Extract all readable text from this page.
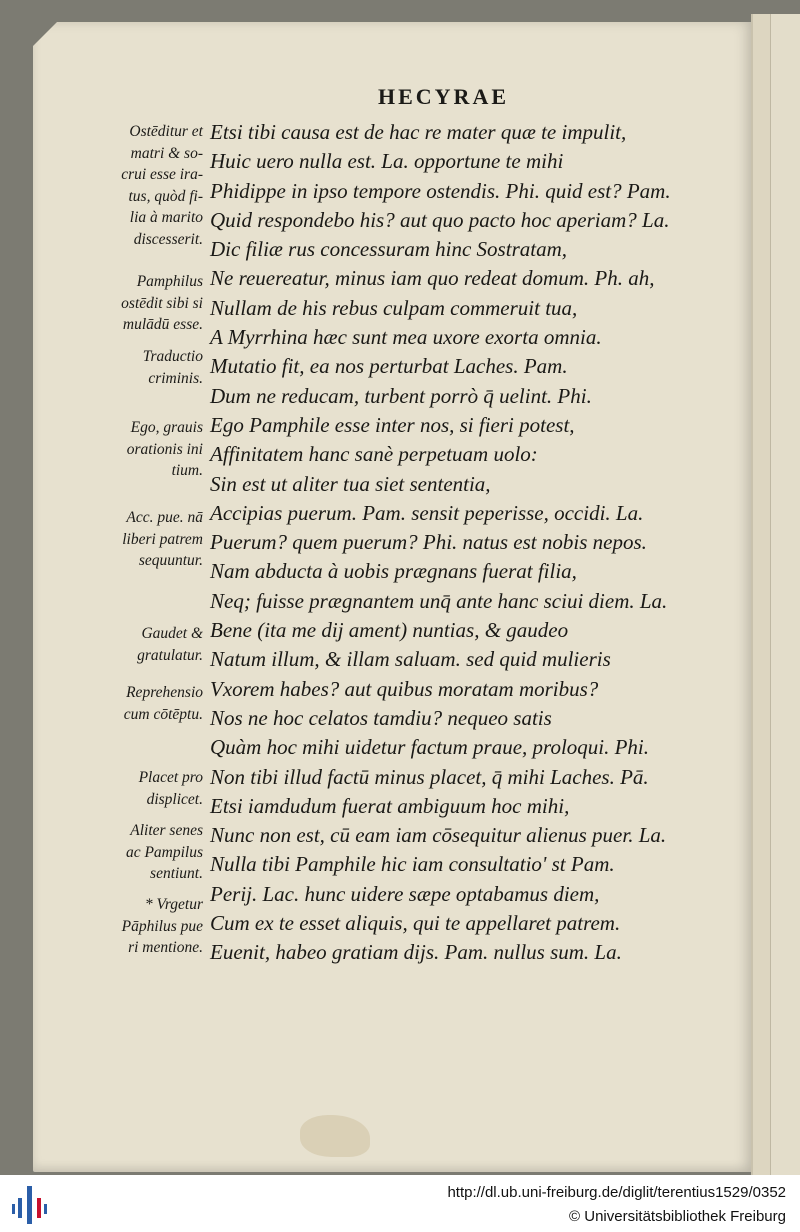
HECYRAE
Etsi tibi causa est de hac re mater quæ te impulit,
Huic uero nulla est. La. opportune te mihi
Phidippe in ipso tempore ostendis. Phi. quid est? Pam.
Quid respondebo his? aut quo pacto hoc aperiam? La.
Dic filiæ rus concessuram hinc Sostratam,
Ne reuereatur, minus iam quo redeat domum. Ph. ah,
Nullam de his rebus culpam commeruit tua,
A Myrrhina hæc sunt mea uxore exorta omnia.
Mutatio fit, ea nos perturbat Laches. Pam.
Dum ne reducam, turbent porrò q̄ uelint. Phi.
Ego Pamphile esse inter nos, si fieri potest,
Affinitatem hanc sanè perpetuam uolo:
Sin est ut aliter tua siet sententia,
Accipias puerum. Pam. sensit peperisse, occidi. La.
Puerum? quem puerum? Phi. natus est nobis nepos.
Nam abducta à uobis prægnans fuerat filia,
Neq; fuisse prægnantem unq̄ ante hanc sciui diem. La.
Bene (ita me dij ament) nuntias, & gaudeo
Natum illum, & illam saluam. sed quid mulieris
Vxorem habes? aut quibus moratam moribus?
Nos ne hoc celatos tamdiu? nequeo satis
Quàm hoc mihi uidetur factum praue, proloqui. Phi.
Non tibi illud factū minus placet, q̄ mihi Laches. Pā.
Etsi iamdudum fuerat ambiguum hoc mihi,
Nunc non est, cū eam iam cōsequitur alienus puer. La.
Nulla tibi Pamphile hic iam consultatio' st Pam.
Perij. Lac. hunc uidere sæpe optabamus diem,
Cum ex te esset aliquis, qui te appellaret patrem.
Euenit, habeo gratiam dijs. Pam. nullus sum. La.
Ostēditur et
matri & so-
crui esse ira-
tus, quòd fi-
lia à marito
discesserit.
Pamphilus
ostēdit sibi si
mulādū esse.
Traductio
criminis.
Ego, grauis
orationis ini
tium.
Acc. pue. nā
liberi patrem
sequuntur.
Gaudet &
gratulatur.
Reprehensio
cum cōtēptu.
Placet pro
displicet.
Aliter senes
ac Pampilus
sentiunt.
* Vrgetur
Pāphilus pue
ri mentione.
http://dl.ub.uni-freiburg.de/diglit/terentius1529/0352
© Universitätsbibliothek Freiburg
